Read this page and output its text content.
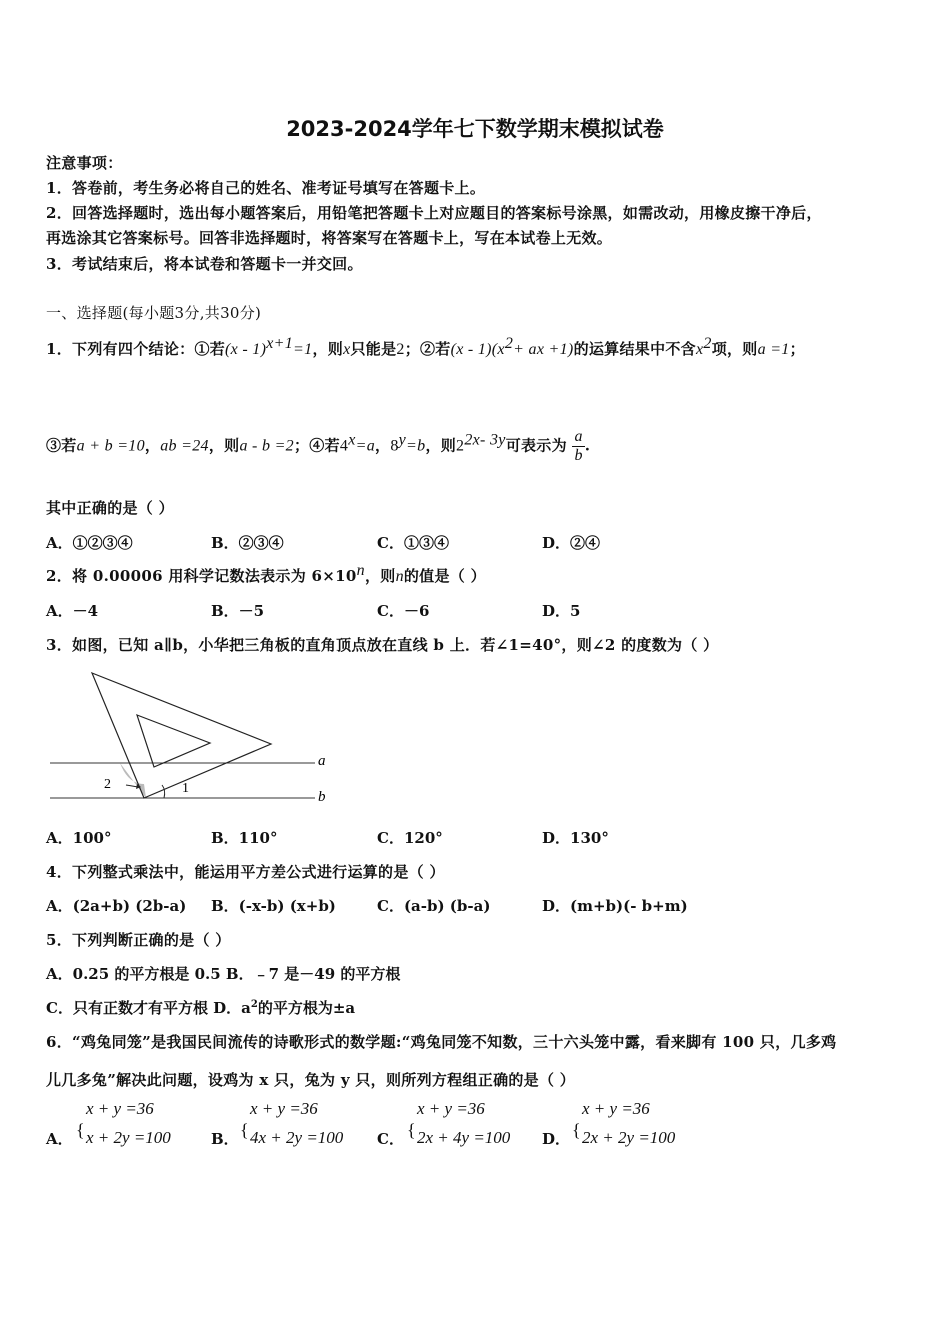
2023-2024学年七下数学期末模拟试卷
注意事项：
1．答卷前，考生务必将自己的姓名、准考证号填写在答题卡上。
2．回答选择题时，选出每小题答案后，用铅笔把答题卡上对应题目的答案标号涂黑，如需改动，用橡皮擦干净后，
再选涂其它答案标号。回答非选择题时，将答案写在答题卡上，写在本试卷上无效。
3．考试结束后，将本试卷和答题卡一并交回。
一、选择题(每小题3分,共30分)
1．下列有四个结论：①若(x - 1)$^{x+1}$=1，则x只能是2；②若$(x - 1)(x^2+$ ax +1)的运算结果中不含$x^2$项，则a =1；
③若a + b =10，ab =24，则a - b =2；④若$4^x=a$，$8^y=b$，则$2^{2x- 3y}$可表示为 $\frac{a}{b}$ .
其中正确的是（ ）
A．①②③④	B．②③④	C．①③④	D．②④
2．将 0.00006 用科学记数法表示为 $6\times 10^n$，则n的值是（ ）
A．－4	B．－5	C．－6	D．5
3．如图，已知 a∥b，小华把三角板的直角顶点放在直线 b 上．若∠1=40°，则∠2 的度数为（ ）
a
b
1
2
A．100°	B．110°	C．120°	D．130°
4．下列整式乘法中，能运用平方差公式进行运算的是（ ）
A．(2a+b) (2b-a) B．(-x-b) (x+b)	C．(a-b) (b-a)	D．(m+b)(- b+m)
5．下列判断正确的是（ ）
A．0.25 的平方根是 0.5 B．﹣7 是－49 的平方根
C．只有正数才有平方根 D．$a^2$的平方根为±a
6．“鸡兔同笼”是我国民间流传的诗歌形式的数学题:“鸡兔同笼不知数，三十六头笼中露，看来脚有 100 只，几多鸡
儿几多兔”解决此问题，设鸡为 x 只，兔为 y 只，则所列方程组正确的是（ ）
A． {
x + y =36
x + 2y =100	B． {
x + y =36
4x + 2y =100 C． {
x + y =36
2x + 4y =100 D． {
x + y =36
2x + 2y =100
